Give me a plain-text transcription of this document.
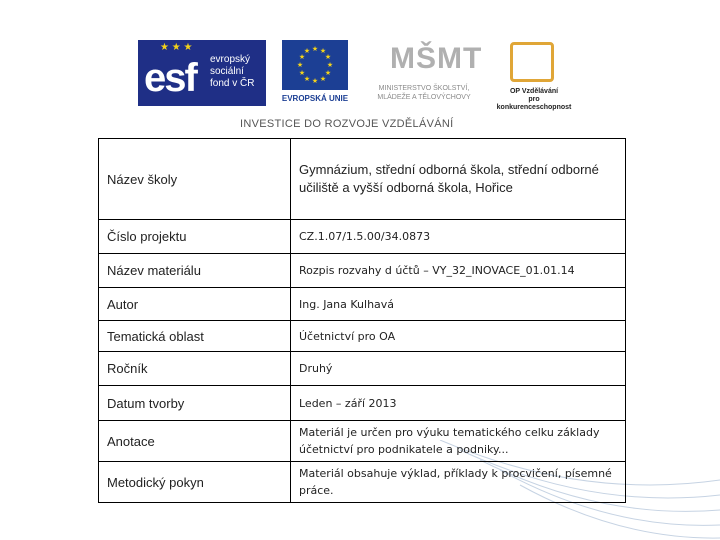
★ ★ ★
esf evropský
sociální
fond v ČR
★ ★
★
★
★
★
★
★
★
★
★
★
EVROPSKÁ UNIE
MŠMT
MINISTERSTVO ŠKOLSTVÍ,
MLÁDEŽE A TĚLOVÝCHOVY
OP Vzdělávání
pro konkurenceschopnost
INVESTICE DO ROZVOJE VZDĚLÁVÁNÍ
Název školy	Gymnázium, střední odborná škola, střední odborné učiliště a vyšší odborná škola, Hořice
Číslo projektu	CZ.1.07/1.5.00/34.0873
Název materiálu	Rozpis rozvahy d účtů – VY_32_INOVACE_01.01.14
Autor	Ing. Jana Kulhavá
Tematická oblast	Účetnictví pro OA
Ročník	Druhý
Datum tvorby	Leden – září 2013
Anotace	Materiál je určen pro výuku tematického celku základy účetnictví pro podnikatele a podniky...
Metodický pokyn	Materiál obsahuje výklad, příklady k procvičení, písemné práce.
